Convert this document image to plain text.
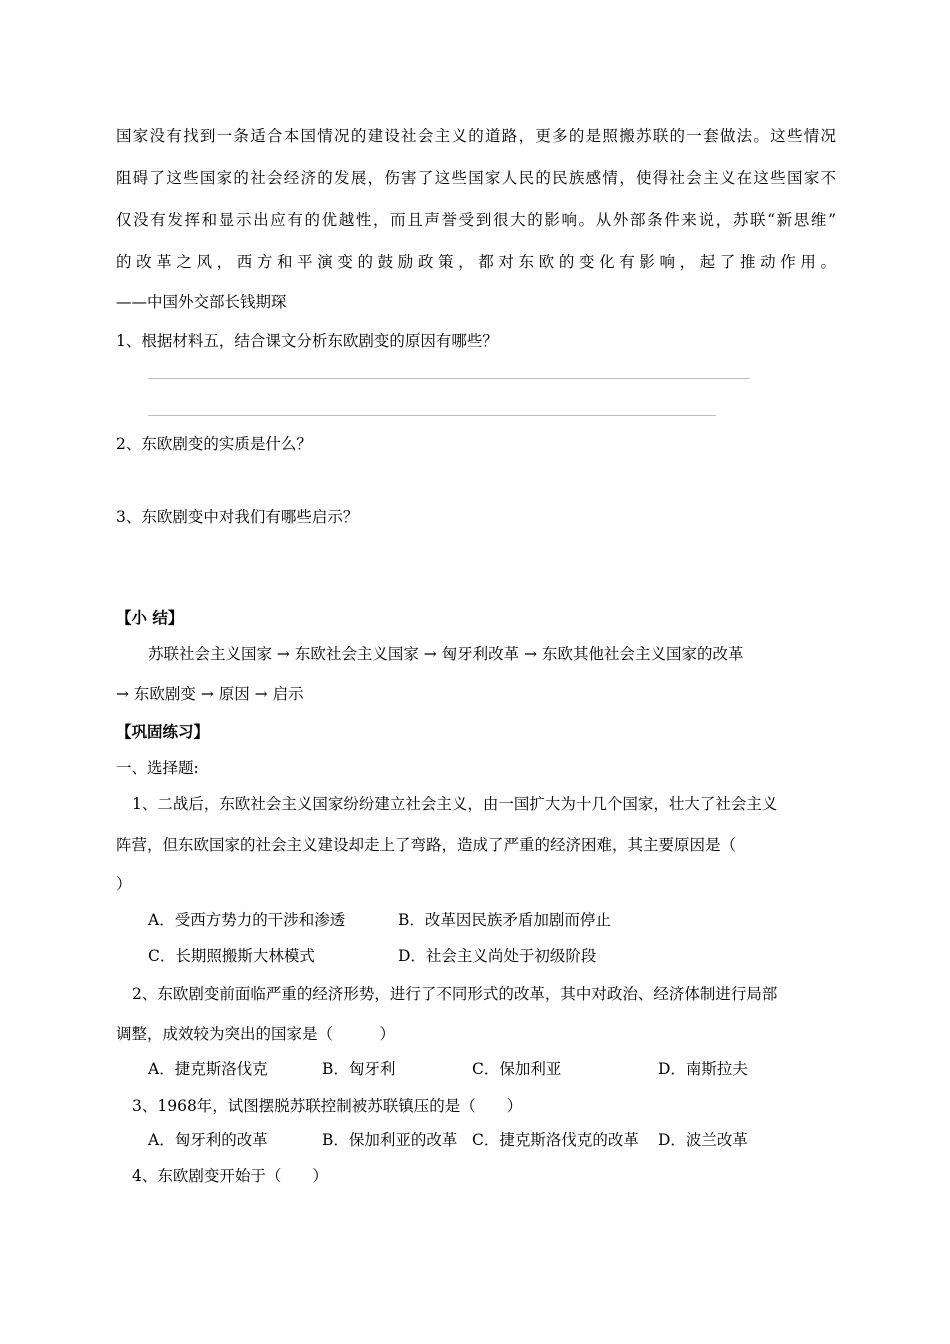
国家没有找到一条适合本国情况的建设社会主义的道路，更多的是照搬苏联的一套做法。这些情况
阻碍了这些国家的社会经济的发展，伤害了这些国家人民的民族感情，使得社会主义在这些国家不
仅没有发挥和显示出应有的优越性，而且声誉受到很大的影响。从外部条件来说，苏联“新思维”
的改革之风，西方和平演变的鼓励政策，都对东欧的变化有影响，起了推动作用。
——中国外交部长钱期琛
1、根据材料五，结合课文分析东欧剧变的原因有哪些？
2、东欧剧变的实质是什么？
3、东欧剧变中对我们有哪些启示？
【小 结】
苏联社会主义国家 → 东欧社会主义国家 → 匈牙利改革 → 东欧其他社会主义国家的改革
→ 东欧剧变 → 原因 → 启示
【巩固练习】
一、选择题:
1、二战后，东欧社会主义国家纷纷建立社会主义，由一国扩大为十几个国家，壮大了社会主义
阵营，但东欧国家的社会主义建设却走上了弯路，造成了严重的经济困难，其主要原因是（
）
A．受西方势力的干涉和渗透	B．改革因民族矛盾加剧而停止
C．长期照搬斯大林模式	D．社会主义尚处于初级阶段
2、东欧剧变前面临严重的经济形势，进行了不同形式的改革，其中对政治、经济体制进行局部
调整，成效较为突出的国家是（　　　）
A．捷克斯洛伐克	B．匈牙利	C．保加利亚	D．南斯拉夫
3、1968年，试图摆脱苏联控制被苏联镇压的是（　　）
A．匈牙利的改革	B．保加利亚的改革 C．捷克斯洛伐克的改革 D．波兰改革
4、东欧剧变开始于（　　）
